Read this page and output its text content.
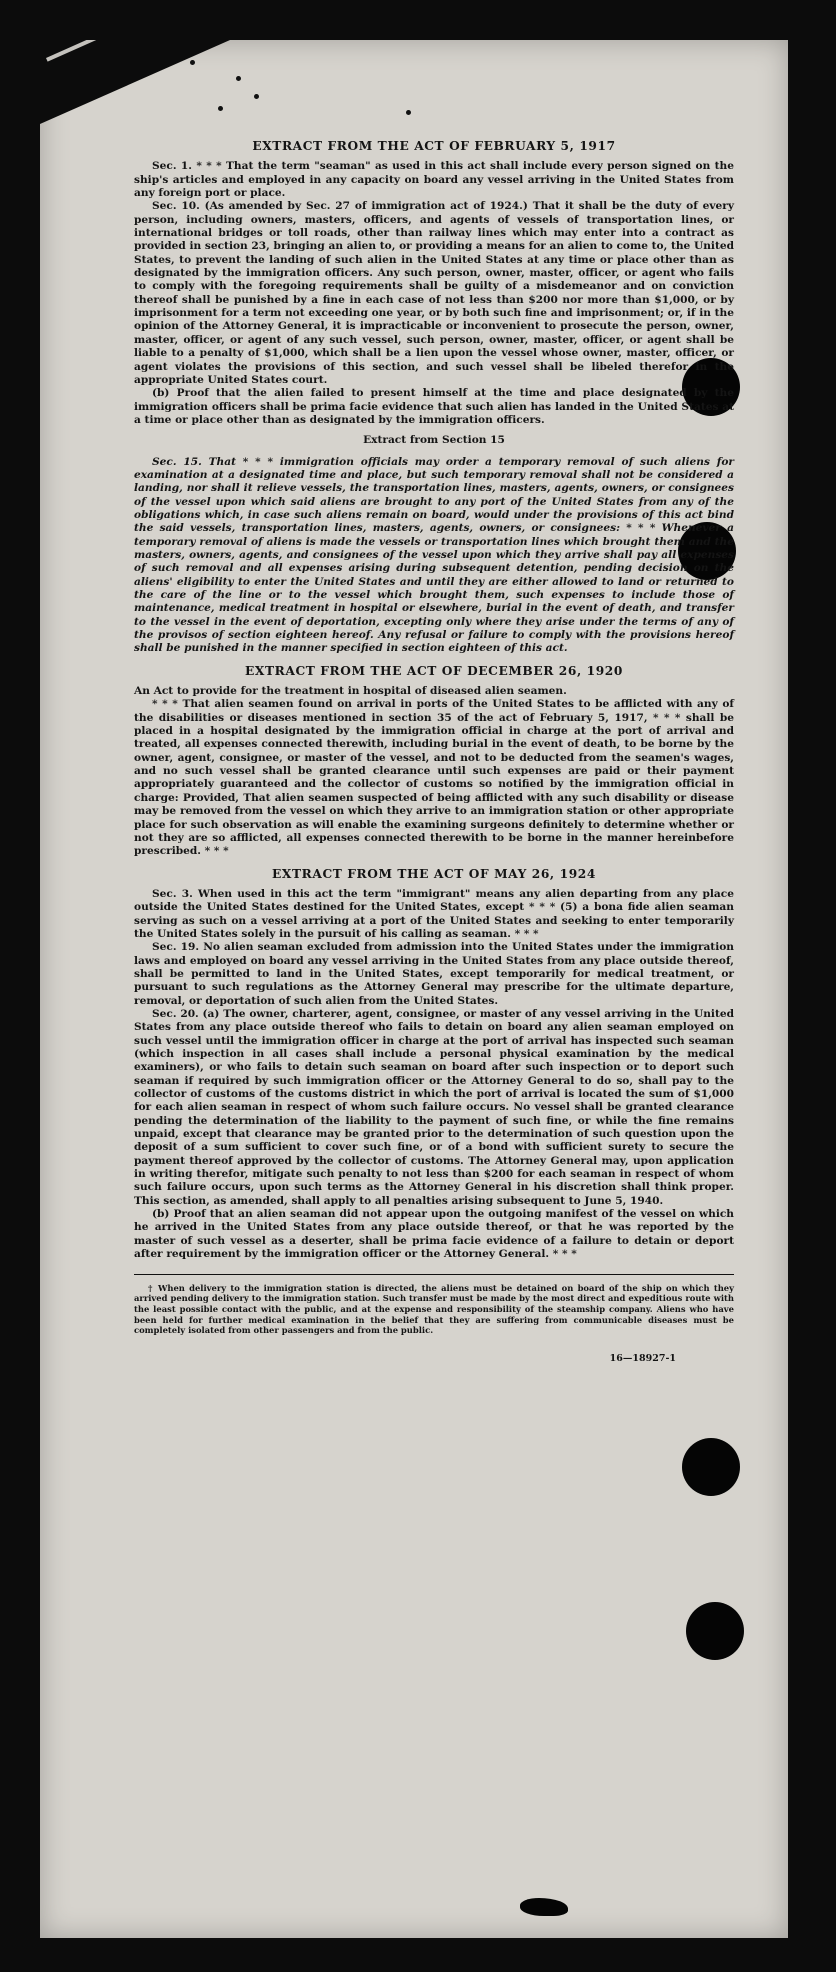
EXTRACT FROM THE ACT OF FEBRUARY 5, 1917

Sec. 1. * * * That the term "seaman" as used in this act shall include every person signed on the ship's articles and employed in any capacity on board any vessel arriving in the United States from any foreign port or place.

Sec. 10. (As amended by Sec. 27 of immigration act of 1924.) That it shall be the duty of every person, including owners, masters, officers, and agents of vessels of transportation lines, or international bridges or toll roads, other than railway lines which may enter into a contract as provided in section 23, bringing an alien to, or providing a means for an alien to come to, the United States, to prevent the landing of such alien in the United States at any time or place other than as designated by the immigration officers. Any such person, owner, master, officer, or agent who fails to comply with the foregoing requirements shall be guilty of a misdemeanor and on conviction thereof shall be punished by a fine in each case of not less than $200 nor more than $1,000, or by imprisonment for a term not exceeding one year, or by both such fine and imprisonment; or, if in the opinion of the Attorney General, it is impracticable or inconvenient to prosecute the person, owner, master, officer, or agent of any such vessel, such person, owner, master, officer, or agent shall be liable to a penalty of $1,000, which shall be a lien upon the vessel whose owner, master, officer, or agent violates the provisions of this section, and such vessel shall be libeled therefor in the appropriate United States court.

(b) Proof that the alien failed to present himself at the time and place designated by the immigration officers shall be prima facie evidence that such alien has landed in the United States at a time or place other than as designated by the immigration officers.

Extract from Section 15

Sec. 15. That * * * immigration officials may order a temporary removal of such aliens for examination at a designated time and place, but such temporary removal shall not be considered a landing, nor shall it relieve vessels, the transportation lines, masters, agents, owners, or consignees of the vessel upon which said aliens are brought to any port of the United States from any of the obligations which, in case such aliens remain on board, would under the provisions of this act bind the said vessels, transportation lines, masters, agents, owners, or consignees: * * * Whenever a temporary removal of aliens is made the vessels or transportation lines which brought them and the masters, owners, agents, and consignees of the vessel upon which they arrive shall pay all expenses of such removal and all expenses arising during subsequent detention, pending decision on the aliens' eligibility to enter the United States and until they are either allowed to land or returned to the care of the line or to the vessel which brought them, such expenses to include those of maintenance, medical treatment in hospital or elsewhere, burial in the event of death, and transfer to the vessel in the event of deportation, excepting only where they arise under the terms of any of the provisos of section eighteen hereof. Any refusal or failure to comply with the provisions hereof shall be punished in the manner specified in section eighteen of this act.

EXTRACT FROM THE ACT OF DECEMBER 26, 1920

An Act to provide for the treatment in hospital of diseased alien seamen.

* * * That alien seamen found on arrival in ports of the United States to be afflicted with any of the disabilities or diseases mentioned in section 35 of the act of February 5, 1917, * * * shall be placed in a hospital designated by the immigration official in charge at the port of arrival and treated, all expenses connected therewith, including burial in the event of death, to be borne by the owner, agent, consignee, or master of the vessel, and not to be deducted from the seamen's wages, and no such vessel shall be granted clearance until such expenses are paid or their payment appropriately guaranteed and the collector of customs so notified by the immigration official in charge: Provided, That alien seamen suspected of being afflicted with any such disability or disease may be removed from the vessel on which they arrive to an immigration station or other appropriate place for such observation as will enable the examining surgeons definitely to determine whether or not they are so afflicted, all expenses connected therewith to be borne in the manner hereinbefore prescribed. * * *

EXTRACT FROM THE ACT OF MAY 26, 1924

Sec. 3. When used in this act the term "immigrant" means any alien departing from any place outside the United States destined for the United States, except * * * (5) a bona fide alien seaman serving as such on a vessel arriving at a port of the United States and seeking to enter temporarily the United States solely in the pursuit of his calling as seaman. * * *

Sec. 19. No alien seaman excluded from admission into the United States under the immigration laws and employed on board any vessel arriving in the United States from any place outside thereof, shall be permitted to land in the United States, except temporarily for medical treatment, or pursuant to such regulations as the Attorney General may prescribe for the ultimate departure, removal, or deportation of such alien from the United States.

Sec. 20. (a) The owner, charterer, agent, consignee, or master of any vessel arriving in the United States from any place outside thereof who fails to detain on board any alien seaman employed on such vessel until the immigration officer in charge at the port of arrival has inspected such seaman (which inspection in all cases shall include a personal physical examination by the medical examiners), or who fails to detain such seaman on board after such inspection or to deport such seaman if required by such immigration officer or the Attorney General to do so, shall pay to the collector of customs of the customs district in which the port of arrival is located the sum of $1,000 for each alien seaman in respect of whom such failure occurs. No vessel shall be granted clearance pending the determination of the liability to the payment of such fine, or while the fine remains unpaid, except that clearance may be granted prior to the determination of such question upon the deposit of a sum sufficient to cover such fine, or of a bond with sufficient surety to secure the payment thereof approved by the collector of customs. The Attorney General may, upon application in writing therefor, mitigate such penalty to not less than $200 for each seaman in respect of whom such failure occurs, upon such terms as the Attorney General in his discretion shall think proper. This section, as amended, shall apply to all penalties arising subsequent to June 5, 1940.

(b) Proof that an alien seaman did not appear upon the outgoing manifest of the vessel on which he arrived in the United States from any place outside thereof, or that he was reported by the master of such vessel as a deserter, shall be prima facie evidence of a failure to detain or deport after requirement by the immigration officer or the Attorney General. * * *

† When delivery to the immigration station is directed, the aliens must be detained on board of the ship on which they arrived pending delivery to the immigration station. Such transfer must be made by the most direct and expeditious route with the least possible contact with the public, and at the expense and responsibility of the steamship company. Aliens who have been held for further medical examination in the belief that they are suffering from communicable diseases must be completely isolated from other passengers and from the public.

16—18927-1
